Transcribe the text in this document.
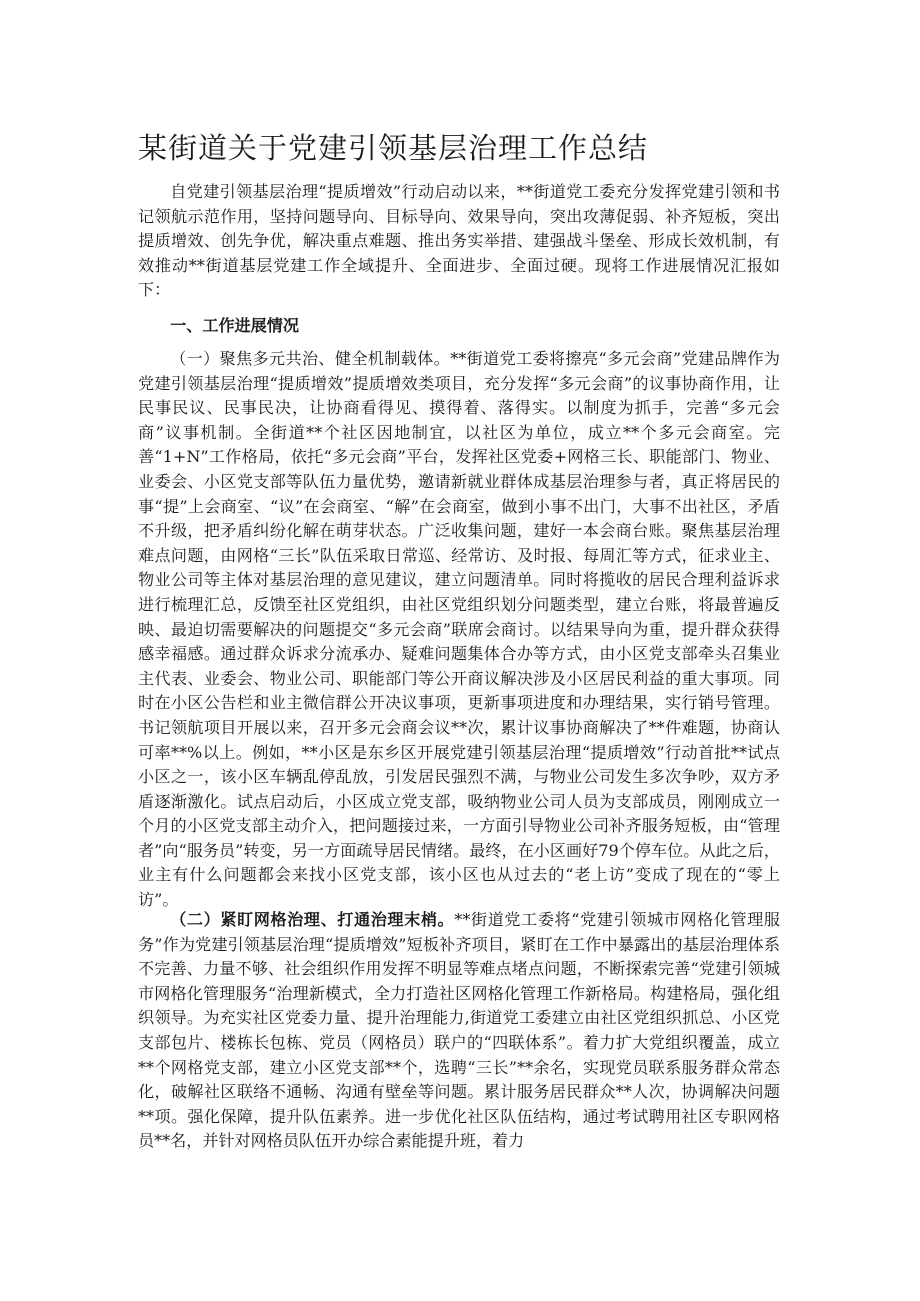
某街道关于党建引领基层治理工作总结

自党建引领基层治理“提质增效”行动启动以来，**街道党工委充分发挥党建引领和书记领航示范作用，坚持问题导向、目标导向、效果导向，突出攻薄促弱、补齐短板，突出提质增效、创先争优，解决重点难题、推出务实举措、建强战斗堡垒、形成长效机制，有效推动**街道基层党建工作全域提升、全面进步、全面过硬。现将工作进展情况汇报如下：

一、工作进展情况

（一）聚焦多元共治、健全机制载体。**街道党工委将擦亮“多元会商”党建品牌作为党建引领基层治理“提质增效”提质增效类项目，充分发挥“多元会商”的议事协商作用，让民事民议、民事民决，让协商看得见、摸得着、落得实。以制度为抓手，完善“多元会商”议事机制。全街道**个社区因地制宜，以社区为单位，成立**个多元会商室。完善“1+N”工作格局，依托“多元会商”平台，发挥社区党委+网格三长、职能部门、物业、业委会、小区党支部等队伍力量优势，邀请新就业群体成基层治理参与者，真正将居民的事“提”上会商室、“议”在会商室、“解”在会商室，做到小事不出门，大事不出社区，矛盾不升级，把矛盾纠纷化解在萌芽状态。广泛收集问题，建好一本会商台账。聚焦基层治理难点问题，由网格“三长”队伍采取日常巡、经常访、及时报、每周汇等方式，征求业主、物业公司等主体对基层治理的意见建议，建立问题清单。同时将揽收的居民合理利益诉求进行梳理汇总，反馈至社区党组织，由社区党组织划分问题类型，建立台账，将最普遍反映、最迫切需要解决的问题提交“多元会商”联席会商讨。以结果导向为重，提升群众获得感幸福感。通过群众诉求分流承办、疑难问题集体合办等方式，由小区党支部牵头召集业主代表、业委会、物业公司、职能部门等公开商议解决涉及小区居民利益的重大事项。同时在小区公告栏和业主微信群公开决议事项，更新事项进度和办理结果，实行销号管理。书记领航项目开展以来，召开多元会商会议**次，累计议事协商解决了**件难题，协商认可率**%以上。例如，**小区是东乡区开展党建引领基层治理“提质增效”行动首批**试点小区之一，该小区车辆乱停乱放，引发居民强烈不满，与物业公司发生多次争吵，双方矛盾逐渐激化。试点启动后，小区成立党支部，吸纳物业公司人员为支部成员，刚刚成立一个月的小区党支部主动介入，把问题接过来，一方面引导物业公司补齐服务短板，由“管理者”向“服务员”转变，另一方面疏导居民情绪。最终，在小区画好79个停车位。从此之后，业主有什么问题都会来找小区党支部，该小区也从过去的“老上访”变成了现在的“零上访”。

（二）紧盯网格治理、打通治理末梢。**街道党工委将“党建引领城市网格化管理服务”作为党建引领基层治理“提质增效”短板补齐项目，紧盯在工作中暴露出的基层治理体系不完善、力量不够、社会组织作用发挥不明显等难点堵点问题，不断探索完善“党建引领城市网格化管理服务“治理新模式，全力打造社区网格化管理工作新格局。构建格局，强化组织领导。为充实社区党委力量、提升治理能力,街道党工委建立由社区党组织抓总、小区党支部包片、楼栋长包栋、党员（网格员）联户的“四联体系”。着力扩大党组织覆盖，成立**个网格党支部，建立小区党支部**个，选聘“三长”**余名，实现党员联系服务群众常态化，破解社区联络不通畅、沟通有壁垒等问题。累计服务居民群众**人次，协调解决问题**项。强化保障，提升队伍素养。进一步优化社区队伍结构，通过考试聘用社区专职网格员**名，并针对网格员队伍开办综合素能提升班，着力
